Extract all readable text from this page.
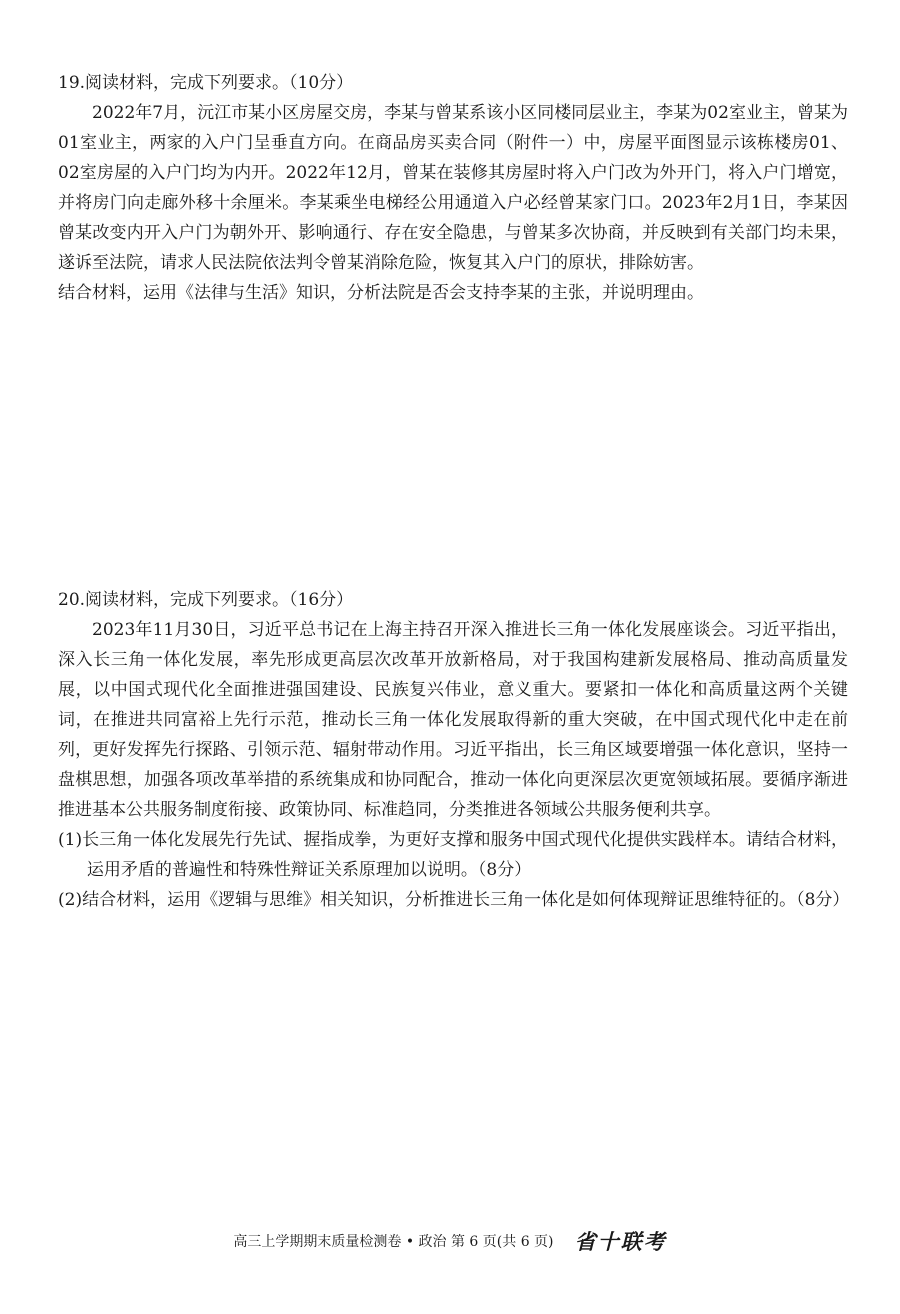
19.阅读材料，完成下列要求。（10分）

2022年7月，沅江市某小区房屋交房，李某与曾某系该小区同楼同层业主，李某为02室业主，曾某为01室业主，两家的入户门呈垂直方向。在商品房买卖合同（附件一）中，房屋平面图显示该栋楼房01、02室房屋的入户门均为内开。2022年12月，曾某在装修其房屋时将入户门改为外开门，将入户门增宽，并将房门向走廊外移十余厘米。李某乘坐电梯经公用通道入户必经曾某家门口。2023年2月1日，李某因曾某改变内开入户门为朝外开、影响通行、存在安全隐患，与曾某多次协商，并反映到有关部门均未果，遂诉至法院，请求人民法院依法判令曾某消除危险，恢复其入户门的原状，排除妨害。

结合材料，运用《法律与生活》知识，分析法院是否会支持李某的主张，并说明理由。

20.阅读材料，完成下列要求。（16分）

2023年11月30日，习近平总书记在上海主持召开深入推进长三角一体化发展座谈会。习近平指出，深入长三角一体化发展，率先形成更高层次改革开放新格局，对于我国构建新发展格局、推动高质量发展，以中国式现代化全面推进强国建设、民族复兴伟业，意义重大。要紧扣一体化和高质量这两个关键词，在推进共同富裕上先行示范，推动长三角一体化发展取得新的重大突破，在中国式现代化中走在前列，更好发挥先行探路、引领示范、辐射带动作用。习近平指出，长三角区域要增强一体化意识，坚持一盘棋思想，加强各项改革举措的系统集成和协同配合，推动一体化向更深层次更宽领域拓展。要循序渐进推进基本公共服务制度衔接、政策协同、标准趋同，分类推进各领域公共服务便利共享。

(1)长三角一体化发展先行先试、握指成拳，为更好支撑和服务中国式现代化提供实践样本。请结合材料，运用矛盾的普遍性和特殊性辩证关系原理加以说明。（8分）

(2)结合材料，运用《逻辑与思维》相关知识，分析推进长三角一体化是如何体现辩证思维特征的。（8分）

高三上学期期末质量检测卷 • 政治 第 6 页(共 6 页) 省十联考
